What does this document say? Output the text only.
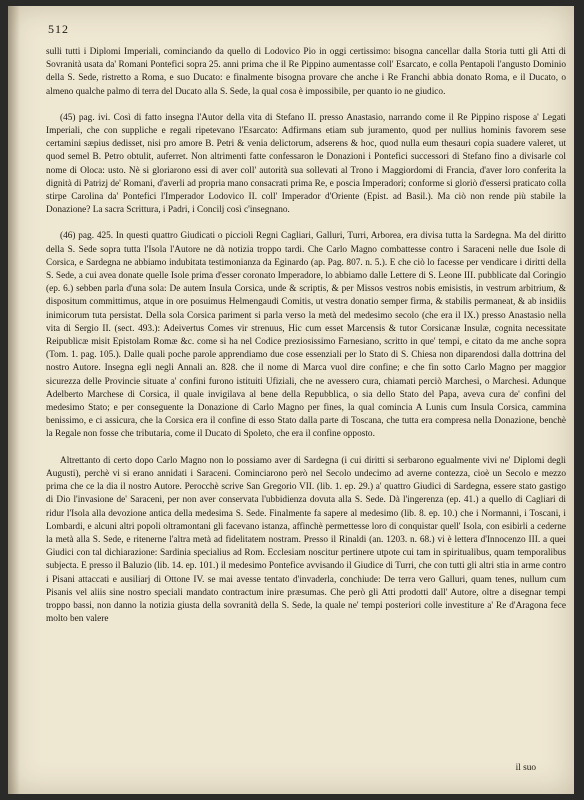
512

sulli tutti i Diplomi Imperiali, cominciando da quello di Lodovico Pio in oggi certissimo: bisogna cancellar dalla Storia tutti gli Atti di Sovranità usata da' Romani Pontefici sopra 25. anni prima che il Re Pippino aumentasse coll' Esarcato, e colla Pentapoli l'angusto Dominio della S. Sede, ristretto a Roma, e suo Ducato: e finalmente bisogna provare che anche i Re Franchi abbia donato Roma, e il Ducato, o almeno qualche palmo di terra del Ducato alla S. Sede, la qual cosa è impossibile, per quanto io ne giudico.

(45) pag. ivi. Così di fatto insegna l'Autor della vita di Stefano II. presso Anastasio, narrando come il Re Pippino rispose a' Legati Imperiali, che con suppliche e regali ripetevano l'Esarcato: Adfirmans etiam sub juramento, quod per nullius hominis favorem sese certamini sæpius dedisset, nisi pro amore B. Petri & venia delictorum, adserens & hoc, quod nulla eum thesauri copia suadere valeret, ut quod semel B. Petro obtulit, auferret. Non altrimenti fatte confessaron le Donazioni i Pontefici successori di Stefano fino a divisarle col nome di Oloca: usto. Nè si gloriarono essi di aver coll' autorità sua sollevati al Trono i Maggiordomi di Francia, d'aver loro conferita la dignità di Patrizj de' Romani, d'averli ad propria mano consacrati prima Re, e poscia Imperadori; conforme si gloriò d'essersi praticato colla stirpe Carolina da' Pontefici l'Imperador Lodovico II. coll' Imperador d'Oriente (Epist. ad Basil.). Ma ciò non rende più stabile la Donazione? La sacra Scrittura, i Padri, i Concilj così c'insegnano.

(46) pag. 425. In questi quattro Giudicati o piccioli Regni Cagliari, Galluri, Turri, Arborea, era divisa tutta la Sardegna. Ma del diritto della S. Sede sopra tutta l'Isola l'Autore ne dà notizia troppo tardi. Che Carlo Magno combattesse contro i Saraceni nelle due Isole di Corsica, e Sardegna ne abbiamo indubitata testimonianza da Eginardo (ap. Pag. 807. n. 5.). E che ciò lo facesse per vendicare i diritti della S. Sede, a cui avea donate quelle Isole prima d'esser coronato Imperadore, lo abbiamo dalle Lettere di S. Leone III. pubblicate dal Coringio (ep. 6.) sebben parla d'una sola: De autem Insula Corsica, unde & scriptis, & per Missos vestros nobis emisistis, in vestrum arbitrium, & dispositum committimus, atque in ore posuimus Helmengaudi Comitis, ut vestra donatio semper firma, & stabilis permaneat, & ab insidiis inimicorum tuta persistat. Della sola Corsica pariment si parla verso la metà del medesimo secolo (che era il IX.) presso Anastasio nella vita di Sergio II. (sect. 493.): Adeivertus Comes vir strenuus, Hic cum esset Marcensis & tutor Corsicanæ Insulæ, cognita necessitate Reipublicæ misit Epistolam Romæ &c. come si ha nel Codice preziosissimo Farnesiano, scritto in que' tempi, e citato da me anche sopra (Tom. 1. pag. 105.). Dalle quali poche parole apprendiamo due cose essenziali per lo Stato di S. Chiesa non diparendosi dalla dottrina del nostro Autore. Insegna egli negli Annali an. 828. che il nome di Marca vuol dire confine; e che fin sotto Carlo Magno per maggior sicurezza delle Provincie situate a' confini furono istituiti Ufiziali, che ne avessero cura, chiamati perciò Marchesi, o Marchesi. Adunque Adelberto Marchese di Corsica, il quale invigilava al bene della Repubblica, o sia dello Stato del Papa, aveva cura de' confini del medesimo Stato; e per conseguente la Donazione di Carlo Magno per fines, la qual comincia A Lunis cum Insula Corsica, cammina benissimo, e ci assicura, che la Corsica era il confine di esso Stato dalla parte di Toscana, che tutta era compresa nella Donazione, benchè la Regale non fosse che tributaria, come il Ducato di Spoleto, che era il confine opposto.

Altrettanto di certo dopo Carlo Magno non lo possiamo aver di Sardegna (i cui diritti si serbarono egualmente vivi ne' Diplomi degli Augusti), perchè vi si erano annidati i Saraceni. Cominciarono però nel Secolo undecimo ad averne contezza, cioè un Secolo e mezzo prima che ce la dia il nostro Autore. Perocchè scrive San Gregorio VII. (lib. 1. ep. 29.) a' quattro Giudici di Sardegna, essere stato gastigo di Dio l'invasione de' Saraceni, per non aver conservata l'ubbidienza dovuta alla S. Sede. Dà l'ingerenza (ep. 41.) a quello di Cagliari di ridur l'Isola alla devozione antica della medesima S. Sede. Finalmente fa sapere al medesimo (lib. 8. ep. 10.) che i Normanni, i Toscani, i Lombardi, e alcuni altri popoli oltramontani gli facevano istanza, affinchè permettesse loro di conquistar quell' Isola, con esibirli a cederne la metà alla S. Sede, e ritenerne l'altra metà ad fidelitatem nostram. Presso il Rinaldi (an. 1203. n. 68.) vi è lettera d'Innocenzo III. a quei Giudici con tal dichiarazione: Sardinia specialius ad Rom. Ecclesiam noscitur pertinere utpote cui tam in spiritualibus, quam temporalibus subjecta. E presso il Baluzio (lib. 14. ep. 101.) il medesimo Pontefice avvisando il Giudice di Turri, che con tutti gli altri stia in arme contro i Pisani attaccati e ausiliarj di Ottone IV. se mai avesse tentato d'invaderla, conchiude: De terra vero Galluri, quam tenes, nullum cum Pisanis vel aliis sine nostro speciali mandato contractum inire præsumas. Che però gli Atti prodotti dall' Autore, oltre a disegnar tempi troppo bassi, non danno la notizia giusta della sovranità della S. Sede, la quale ne' tempi posteriori colle investiture a' Re d'Aragona fece molto ben valere

il suo
